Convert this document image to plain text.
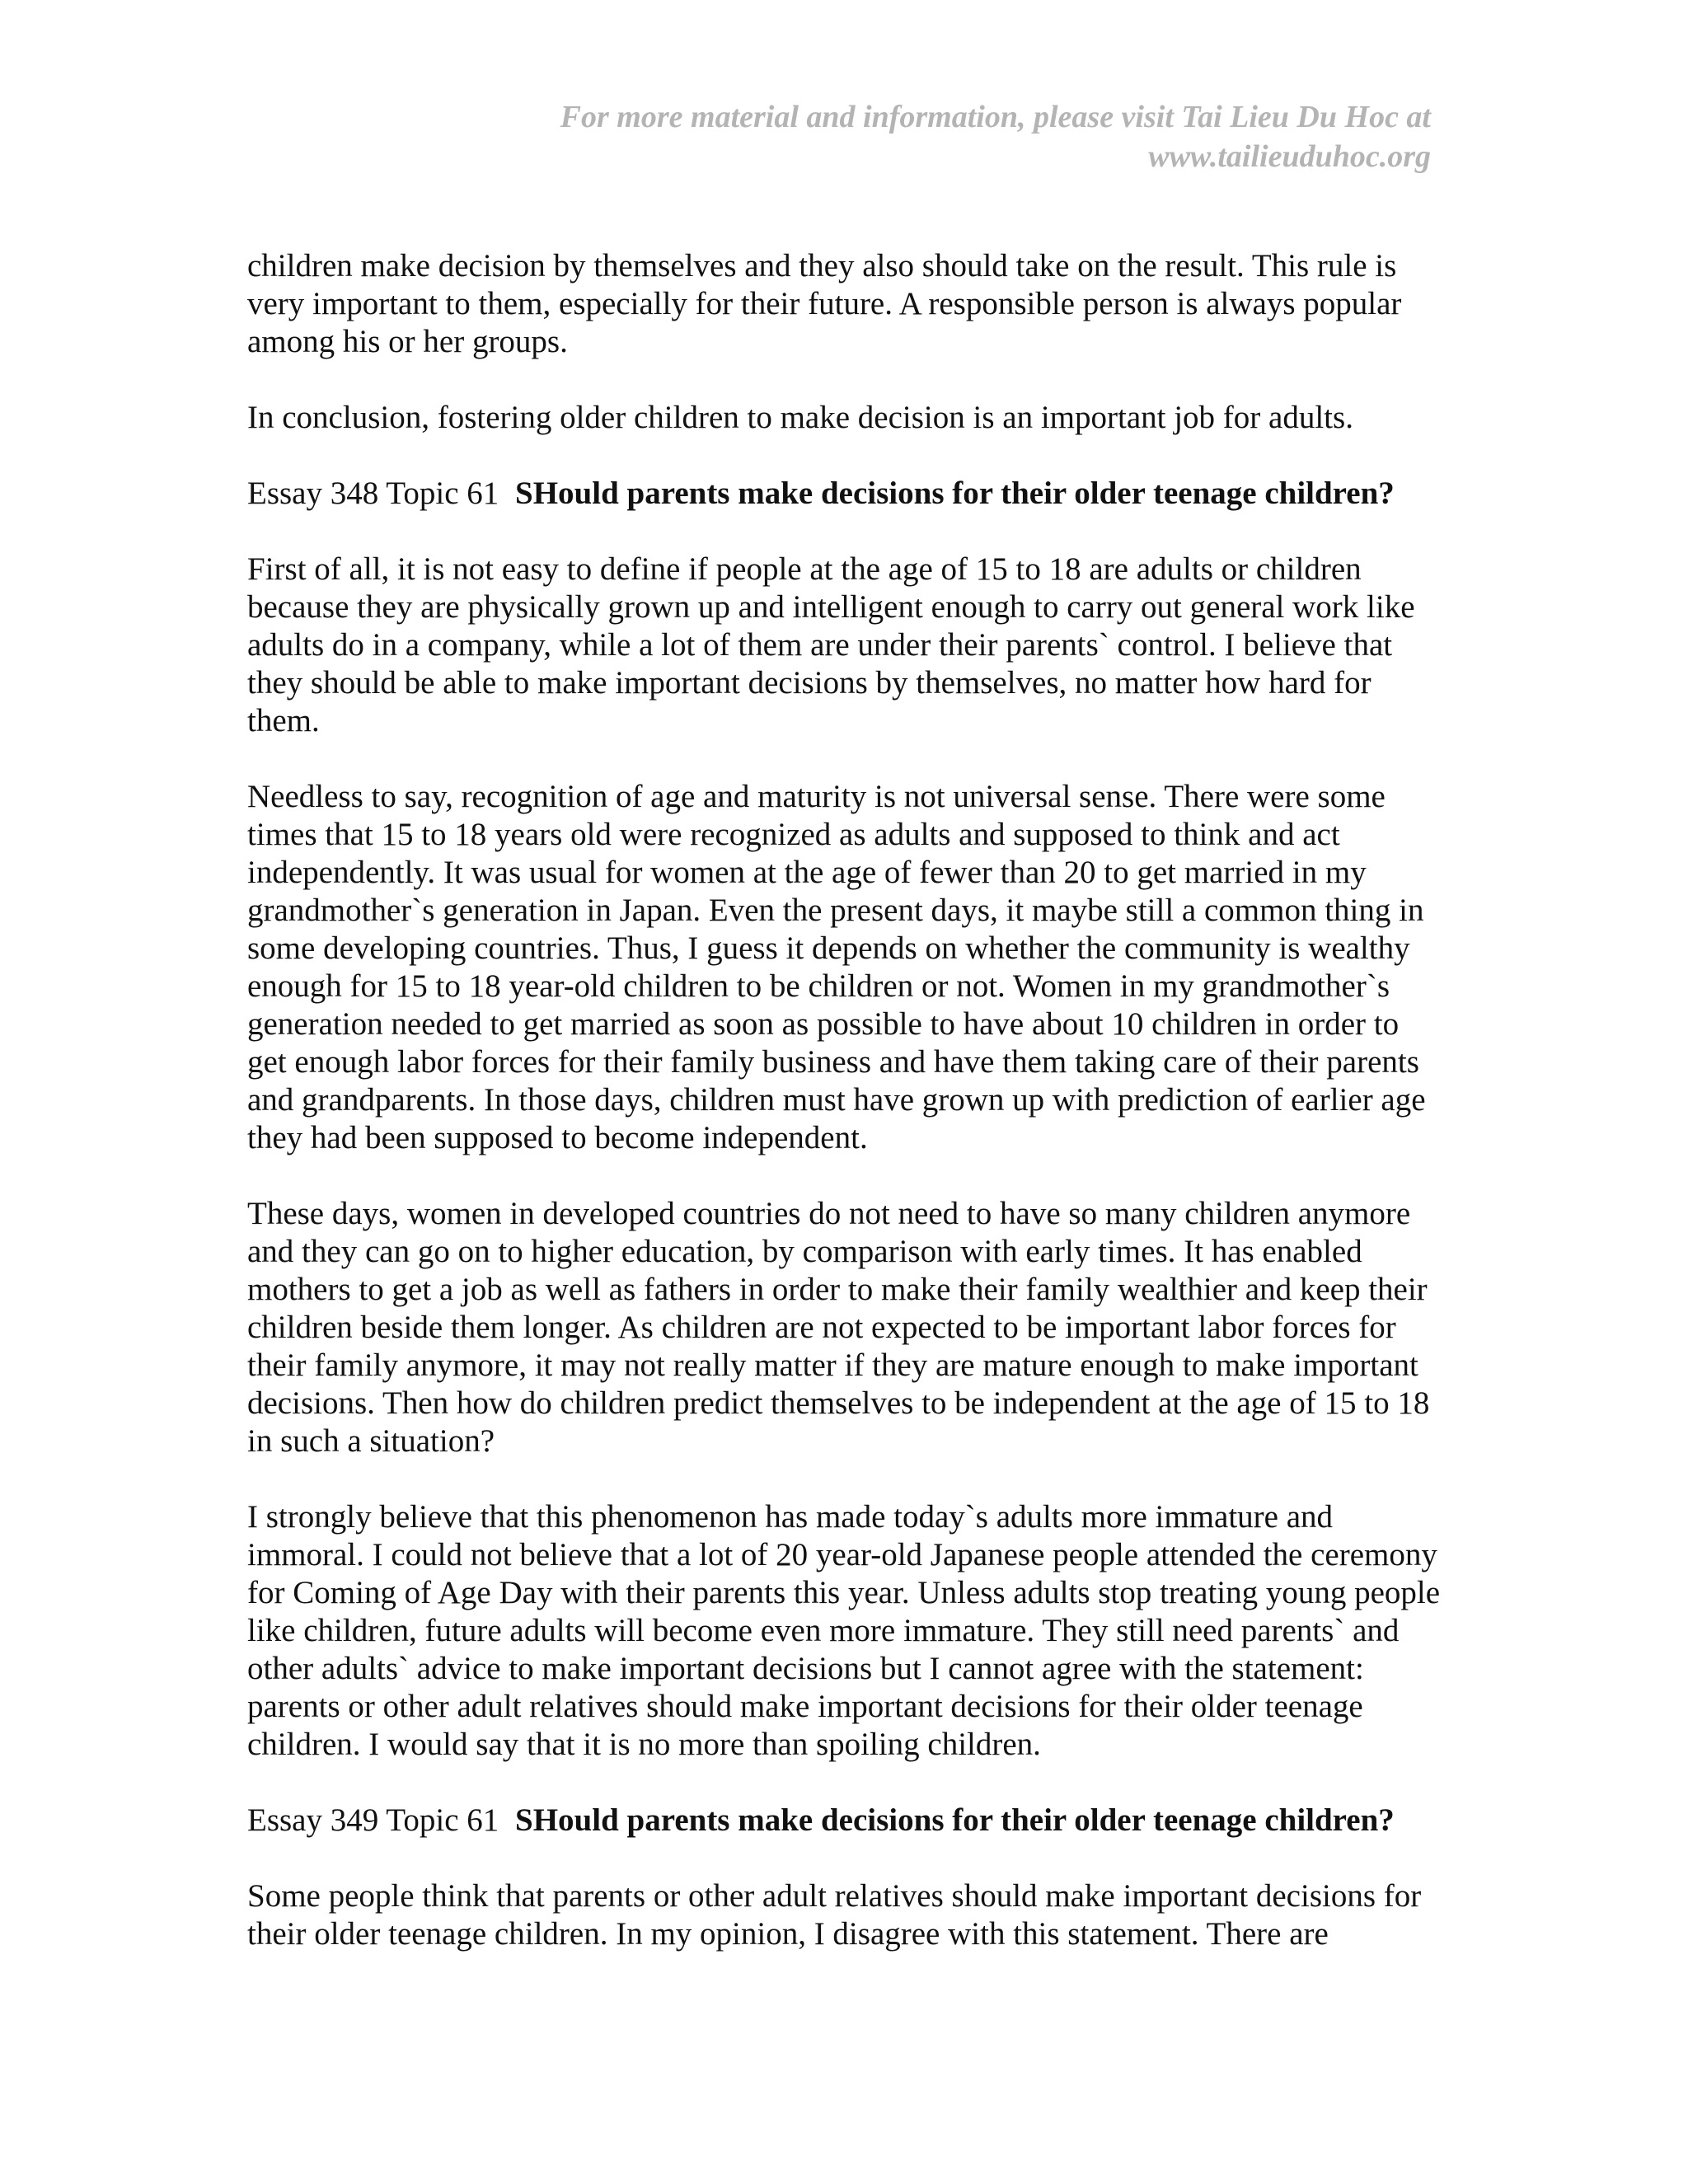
For more material and information, please visit Tai Lieu Du Hoc at
www.tailieuduhoc.org

children make decision by themselves and they also should take on the result. This rule is very important to them, especially for their future. A responsible person is always popular among his or her groups.

In conclusion, fostering older children to make decision is an important job for adults.

Essay 348 Topic 61 SHould parents make decisions for their older teenage children?

First of all, it is not easy to define if people at the age of 15 to 18 are adults or children because they are physically grown up and intelligent enough to carry out general work like adults do in a company, while a lot of them are under their parents` control. I believe that they should be able to make important decisions by themselves, no matter how hard for them.

Needless to say, recognition of age and maturity is not universal sense. There were some times that 15 to 18 years old were recognized as adults and supposed to think and act independently. It was usual for women at the age of fewer than 20 to get married in my grandmother`s generation in Japan. Even the present days, it maybe still a common thing in some developing countries. Thus, I guess it depends on whether the community is wealthy enough for 15 to 18 year-old children to be children or not. Women in my grandmother`s generation needed to get married as soon as possible to have about 10 children in order to get enough labor forces for their family business and have them taking care of their parents and grandparents. In those days, children must have grown up with prediction of earlier age they had been supposed to become independent.

These days, women in developed countries do not need to have so many children anymore and they can go on to higher education, by comparison with early times. It has enabled mothers to get a job as well as fathers in order to make their family wealthier and keep their children beside them longer. As children are not expected to be important labor forces for their family anymore, it may not really matter if they are mature enough to make important decisions. Then how do children predict themselves to be independent at the age of 15 to 18 in such a situation?

I strongly believe that this phenomenon has made today`s adults more immature and immoral. I could not believe that a lot of 20 year-old Japanese people attended the ceremony for Coming of Age Day with their parents this year. Unless adults stop treating young people like children, future adults will become even more immature. They still need parents` and other adults` advice to make important decisions but I cannot agree with the statement: parents or other adult relatives should make important decisions for their older teenage children. I would say that it is no more than spoiling children.

Essay 349 Topic 61 SHould parents make decisions for their older teenage children?

Some people think that parents or other adult relatives should make important decisions for their older teenage children. In my opinion, I disagree with this statement. There are
